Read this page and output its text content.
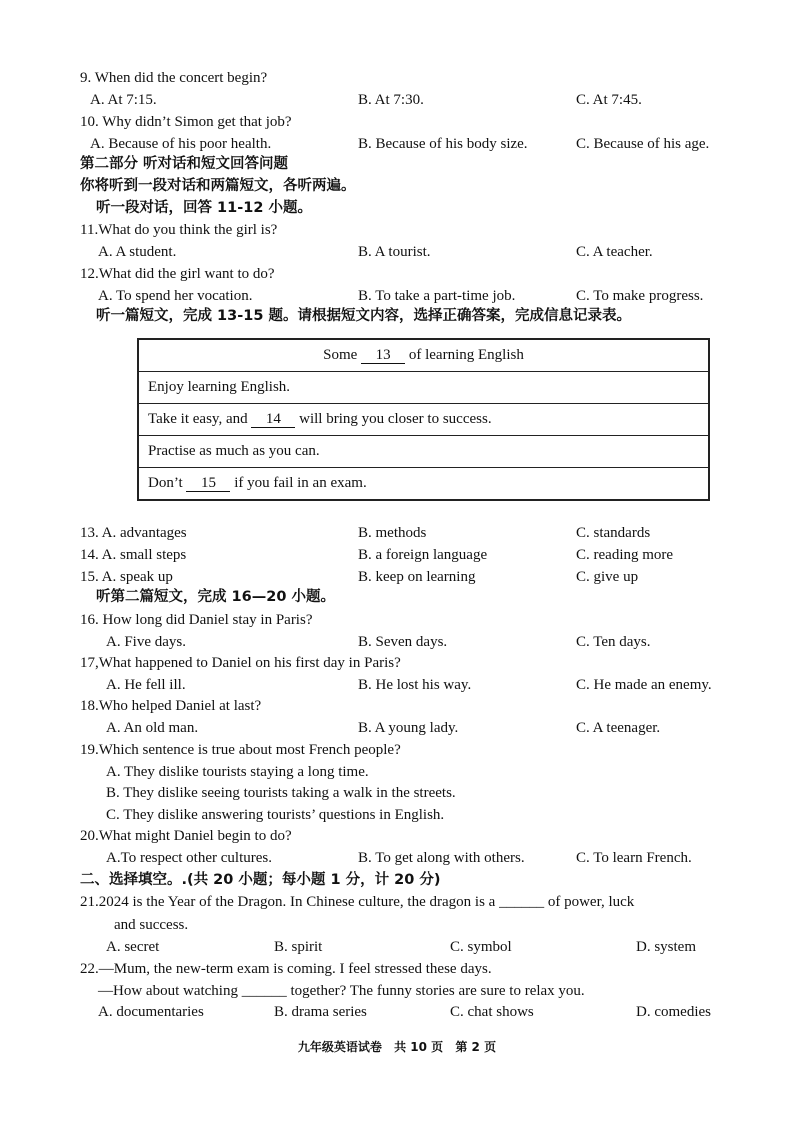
9. When did the concert begin?
A. At 7:15.	B. At 7:30.	C. At 7:45.
10. Why didn’t Simon get that job?
A. Because of his poor health.	B. Because of his body size.	C. Because of his age.
第二部分 听对话和短文回答问题
你将听到一段对话和两篇短文，各听两遍。
听一段对话，回答 11-12 小题。
11.What do you think the girl is?
A. A student.	B. A tourist.	C. A teacher.
12.What did the girl want to do?
A. To spend her vocation.	B. To take a part-time job.	C. To make progress.
听一篇短文，完成 13-15 题。请根据短文内容，选择正确答案，完成信息记录表。
13. A. advantages	B. methods	C. standards
14. A. small steps	B. a foreign language	C. reading more
15. A. speak up	B. keep on learning	C. give up
听第二篇短文，完成 16—20 小题。
16. How long did Daniel stay in Paris?
A. Five days.	B. Seven days.	C. Ten days.
17,What happened to Daniel on his first day in Paris?
A. He fell ill.	B. He lost his way.	C. He made an enemy.
18.Who helped Daniel at last?
A. An old man.	B. A young lady.	C. A teenager.
19.Which sentence is true about most French people?
A. They dislike tourists staying a long time.
B. They dislike seeing tourists taking a walk in the streets.
C. They dislike answering tourists’ questions in English.
20.What might Daniel begin to do?
A.To respect other cultures.	B. To get along with others.	C. To learn French.
二、选择填空。.(共 20 小题；每小题 1 分，计 20 分)
21.2024 is the Year of the Dragon. In Chinese culture, the dragon is a ______ of power, luck
and success.
A. secret	B. spirit	C. symbol	D. system
22.—Mum, the new-term exam is coming. I feel stressed these days.
—How about watching ______ together? The funny stories are sure to relax you.
A. documentaries	B. drama series	C. chat shows	D. comedies
Some 13 of learning English
Enjoy learning English.
Take it easy, and 14 will bring you closer to success.
Practise as much as you can.
Don’t 15 if you fail in an exam.
九年级英语试卷 共 10 页 第 2 页
